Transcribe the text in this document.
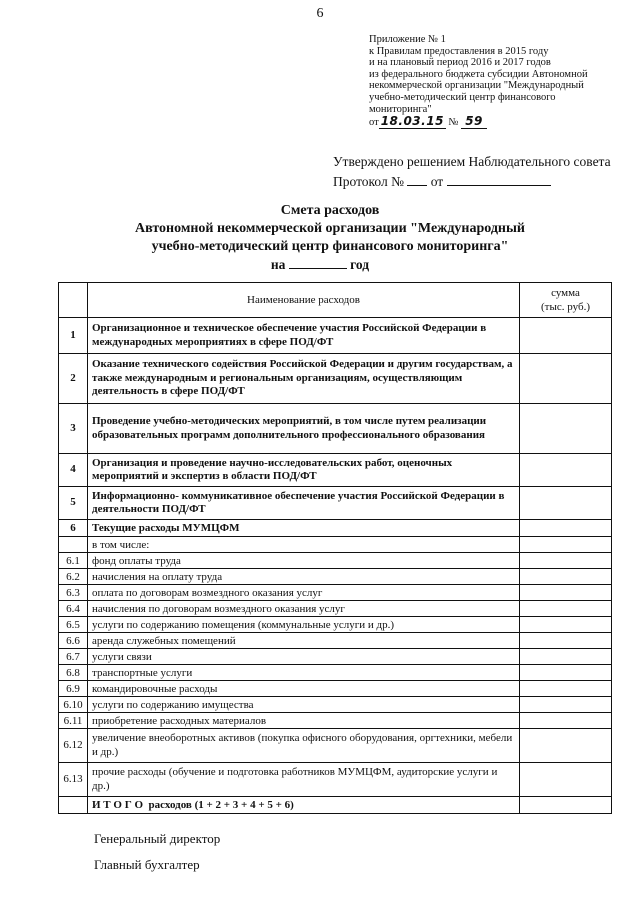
6
Приложение № 1
к Правилам предоставления в 2015 году
и на плановый период 2016 и 2017 годов
из федерального бюджета субсидии Автономной
некоммерческой организации "Международный
учебно-методический центр финансового
мониторинга"
от 18.03.15 № 59
Утверждено решением Наблюдательного совета
Протокол № от
Смета расходов
Автономной некоммерческой организации "Международный
учебно-методический центр финансового мониторинга"
на	год
	Наименование расходов	сумма
(тыс. руб.)

1	Организационное и техническое обеспечение участия Российской Федерации в международных мероприятиях в сфере ПОД/ФТ	
2	Оказание технического содействия Российской Федерации и другим государствам, а также международным и региональным организациям, осуществляющим деятельность в сфере ПОД/ФТ	
3	Проведение учебно-методических мероприятий, в том числе путем реализации образовательных программ дополнительного профессионального образования	
4	Организация и проведение научно-исследовательских работ, оценочных мероприятий и экспертиз в области ПОД/ФТ	
5	Информационно- коммуникативное обеспечение участия Российской Федерации в деятельности ПОД/ФТ	
6	Текущие расходы МУМЦФМ	
	в том числе:	
6.1	фонд оплаты труда	
6.2	начисления на оплату труда	
6.3	оплата по договорам возмездного оказания услуг	
6.4	начисления по договорам возмездного оказания услуг	
6.5	услуги по содержанию помещения (коммунальные услуги и др.)	
6.6	аренда служебных помещений	
6.7	услуги связи	
6.8	транспортные услуги	
6.9	командировочные расходы	
6.10	услуги по содержанию имущества	
6.11	приобретение расходных материалов	
6.12	увеличение внеоборотных активов (покупка офисного оборудования, оргтехники, мебели и др.)	
6.13	прочие расходы (обучение и подготовка работников МУМЦФМ, аудиторские услуги и др.)	
	И Т О Г О  расходов (1 + 2 + 3 + 4 + 5 + 6)	
Генеральный директор
Главный бухгалтер
